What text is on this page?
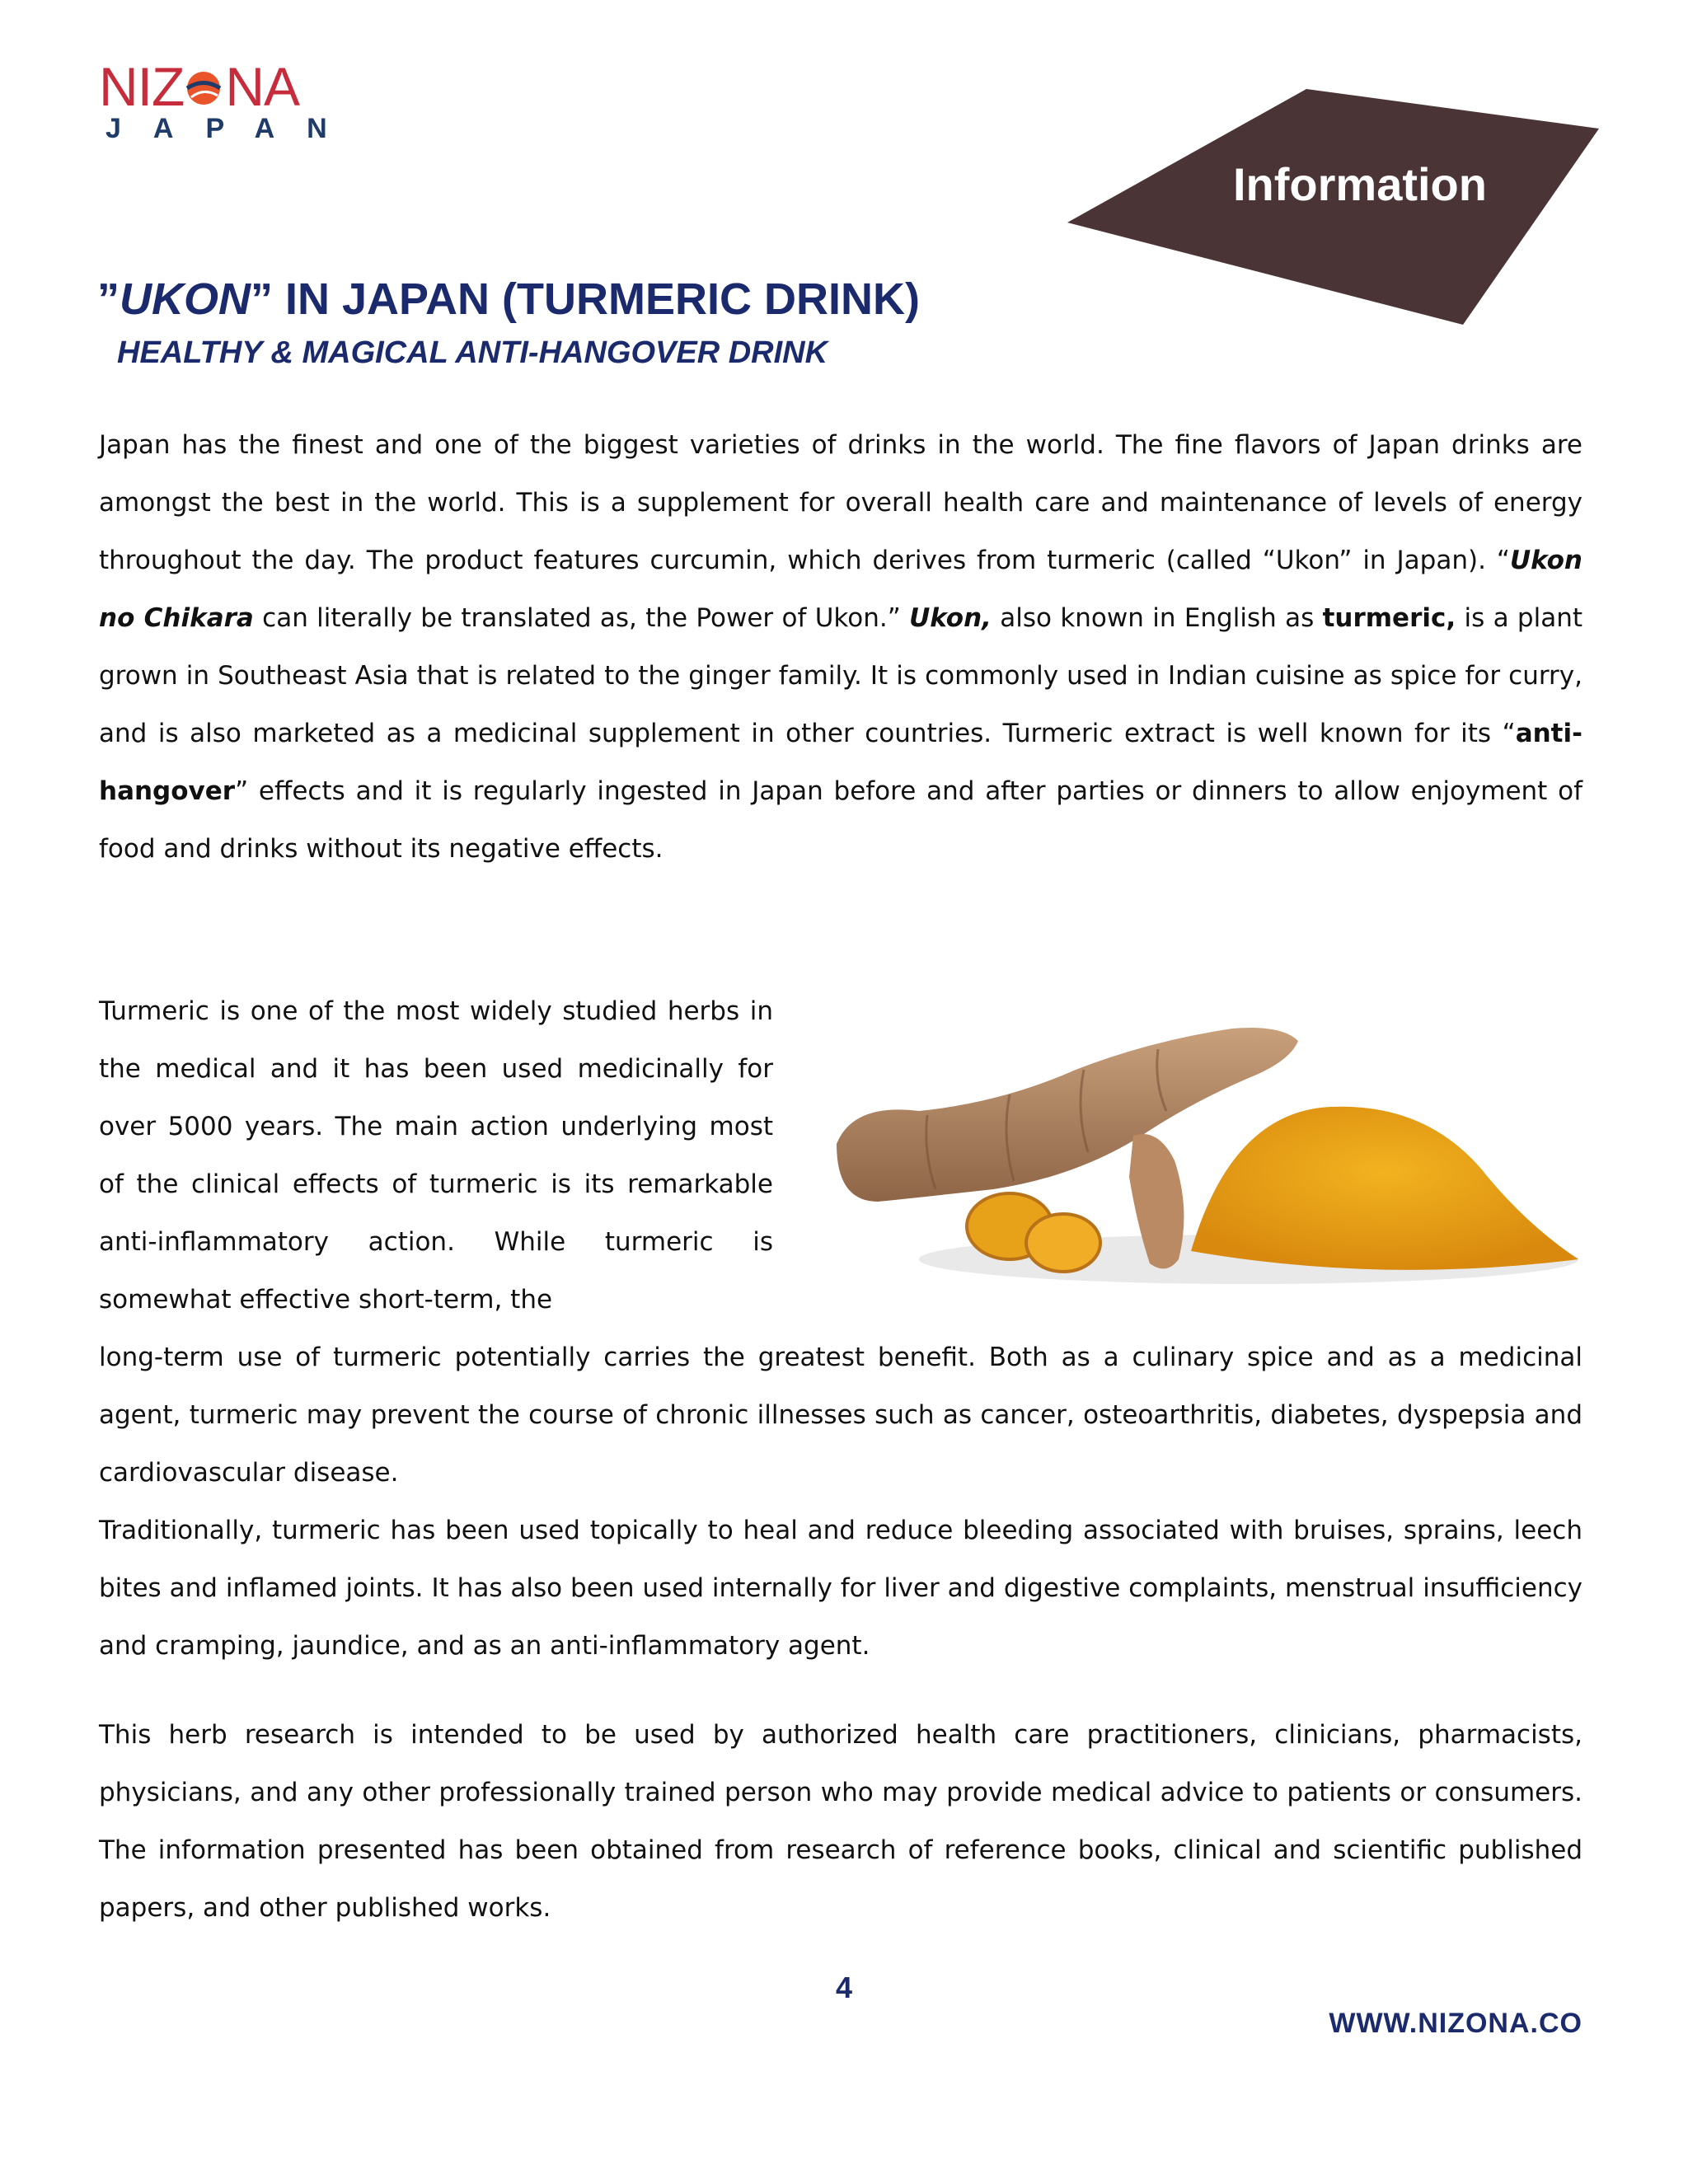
NIZ NA
JAPAN
Information
”UKON” IN JAPAN (TURMERIC DRINK)
HEALTHY & MAGICAL ANTI-HANGOVER DRINK
Japan has the finest and one of the biggest varieties of drinks in the world. The fine flavors of Japan drinks are amongst the best in the world. This is a supplement for overall health care and maintenance of levels of energy throughout the day. The product features curcumin, which derives from turmeric (called “Ukon” in Japan). “Ukon no Chikara can literally be translated as, the Power of Ukon.” Ukon, also known in English as turmeric, is a plant grown in Southeast Asia that is related to the ginger family. It is commonly used in Indian cuisine as spice for curry, and is also marketed as a medicinal supplement in other countries. Turmeric extract is well known for its “anti-hangover” effects and it is regularly ingested in Japan before and after parties or dinners to allow enjoyment of food and drinks without its negative effects.
Turmeric is one of the most widely studied herbs in the medical and it has been used medicinally for over 5000 years. The main action underlying most of the clinical effects of turmeric is its remarkable anti-inflammatory action. While turmeric is somewhat effective short-term, the
long-term use of turmeric potentially carries the greatest benefit. Both as a culinary spice and as a medicinal agent, turmeric may prevent the course of chronic illnesses such as cancer, osteoarthritis, diabetes, dyspepsia and cardiovascular disease.
Traditionally, turmeric has been used topically to heal and reduce bleeding associated with bruises, sprains, leech bites and inflamed joints. It has also been used internally for liver and digestive complaints, menstrual insufficiency and cramping, jaundice, and as an anti-inflammatory agent.
This herb research is intended to be used by authorized health care practitioners, clinicians, pharmacists, physicians, and any other professionally trained person who may provide medical advice to patients or consumers. The information presented has been obtained from research of reference books, clinical and scientific published papers, and other published works.
4
WWW.NIZONA.CO
